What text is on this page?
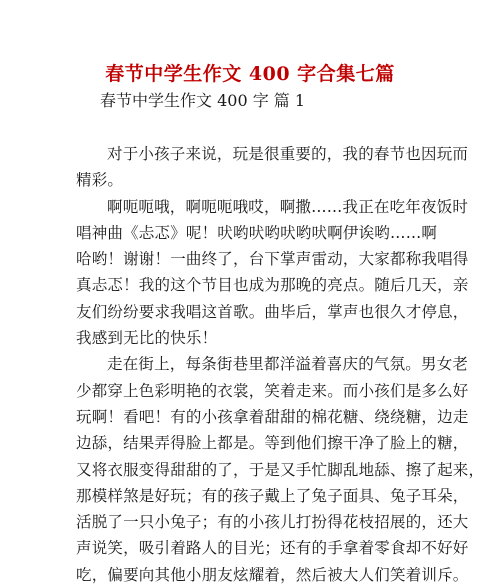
春节中学生作文 400 字合集七篇
春节中学生作文 400 字 篇 1
对于小孩子来说，玩是很重要的，我的春节也因玩而
精彩。
啊呃呃哦，啊呃呃哦哎，啊撒……我正在吃年夜饭时
唱神曲《忐忑》呢！吠哟吠哟吠哟吠啊伊诶哟……啊
哈哟！谢谢！一曲终了，台下掌声雷动，大家都称我唱得
真忐忑！我的这个节目也成为那晚的亮点。随后几天，亲
友们纷纷要求我唱这首歌。曲毕后，掌声也很久才停息，
我感到无比的快乐！
走在街上，每条街巷里都洋溢着喜庆的气氛。男女老
少都穿上色彩明艳的衣裳，笑着走来。而小孩们是多么好
玩啊！看吧！有的小孩拿着甜甜的棉花糖、绕绕糖，边走
边舔，结果弄得脸上都是。等到他们擦干净了脸上的糖，
又将衣服变得甜甜的了，于是又手忙脚乱地舔、擦了起来，
那模样煞是好玩；有的孩子戴上了兔子面具、兔子耳朵，
活脱了一只小兔子；有的小孩儿打扮得花枝招展的，还大
声说笑，吸引着路人的目光；还有的手拿着零食却不好好
吃，偏要向其他小朋友炫耀着，然后被大人们笑着训斥。
